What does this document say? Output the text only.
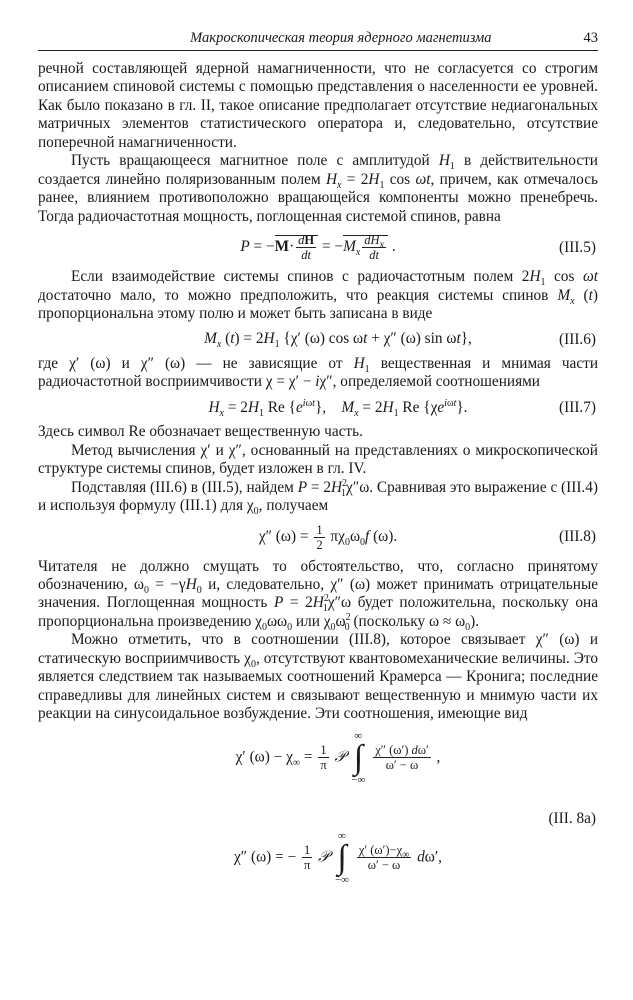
Макроскопическая теория ядерного магнетизма	43

речной составляющей ядерной намагниченности, что не согласуется со строгим описанием спиновой системы с помощью представления о населенности ее уровней. Как было показано в гл. II, такое описание предполагает отсутствие недиагональных матричных элементов статистического оператора и, следовательно, отсутствие поперечной намагниченности.

Пусть вращающееся магнитное поле с амплитудой $H_1$ в действительности создается линейно поляризованным полем $H_x = 2H_1$ cos ωt, причем, как отмечалось ранее, влиянием противоположно вращающейся компоненты можно пренебречь. Тогда радиочастотная мощность, поглощенная системой спинов, равна

$P = -M\cdot \frac{dH}{dt} = -M_x \frac{dH_x}{dt}$ .	(III.5)

Если взаимодействие системы спинов с радиочастотным полем $2H_1$ cos ωt достаточно мало, то можно предположить, что реакция системы спинов $M_x$ (t) пропорциональна этому полю и может быть записана в виде

$M_x$ $(t) = 2H_1$ {χ′ (ω) cos ωt + χ″ (ω) sin ωt},	(III.6)

где χ′ (ω) и χ″ (ω) — не зависящие от $H_1$ вещественная и мнимая части радиочастотной восприимчивости χ = χ′ − iχ″, определяемой соотношениями

$H_x = 2H_1$ Re $\{e^{i\omega t}\}$,    $M_x = 2H_1$ Re $\{\chi e^{i\omega t}\}$.	(III.7)

Здесь символ Re обозначает вещественную часть.

Метод вычисления χ′ и χ″, основанный на представлениях о микроскопической структуре системы спинов, будет изложен в гл. IV.

Подставляя (III.6) в (III.5), найдем $P = 2H^2_1\chi''\omega$. Сравнивая это выражение с (III.4) и используя формулу (III.1) для $\chi_0$, получаем

χ″ $(\omega) = \frac{1}{2} \pi\chi_0\omega_0f$ (ω).	(III.8)

Читателя не должно смущать то обстоятельство, что, согласно принятому обозначению, $\omega_0 = -\gamma H_0$ и, следовательно, χ″ (ω) может принимать отрицательные значения. Поглощенная мощность $P = 2H^2_1\chi''\omega$ будет положительна, поскольку она пропорциональна произведению $\chi_0\omega\omega_0$ или $\chi_0\omega^2_0$ (поскольку $\omega \approx \omega_0$).

Можно отметить, что в соотношении (III.8), которое связывает χ″ (ω) и статическую восприимчивость $\chi_0$, отсутствуют квантовомеханические величины. Это является следствием так называемых соотношений Крамерса — Кронига; последние справедливы для линейных систем и связывают вещественную и мнимую части их реакции на синусоидальное возбуждение. Эти соотношения, имеющие вид

χ′ $(\omega) - \chi_\infty = \frac{1}{\pi}$ 𝒫
∞
∫
−∞

$\frac{\chi'' (\omega') d\omega'}{\omega' - \omega}$ ,
χ″ (ω) = − $\frac{1}{\pi}$ 𝒫
∞
∫
−∞

$\frac{\chi' (\omega')-\chi_\infty}{\omega' - \omega} d\omega'$,
(III. 8a)
